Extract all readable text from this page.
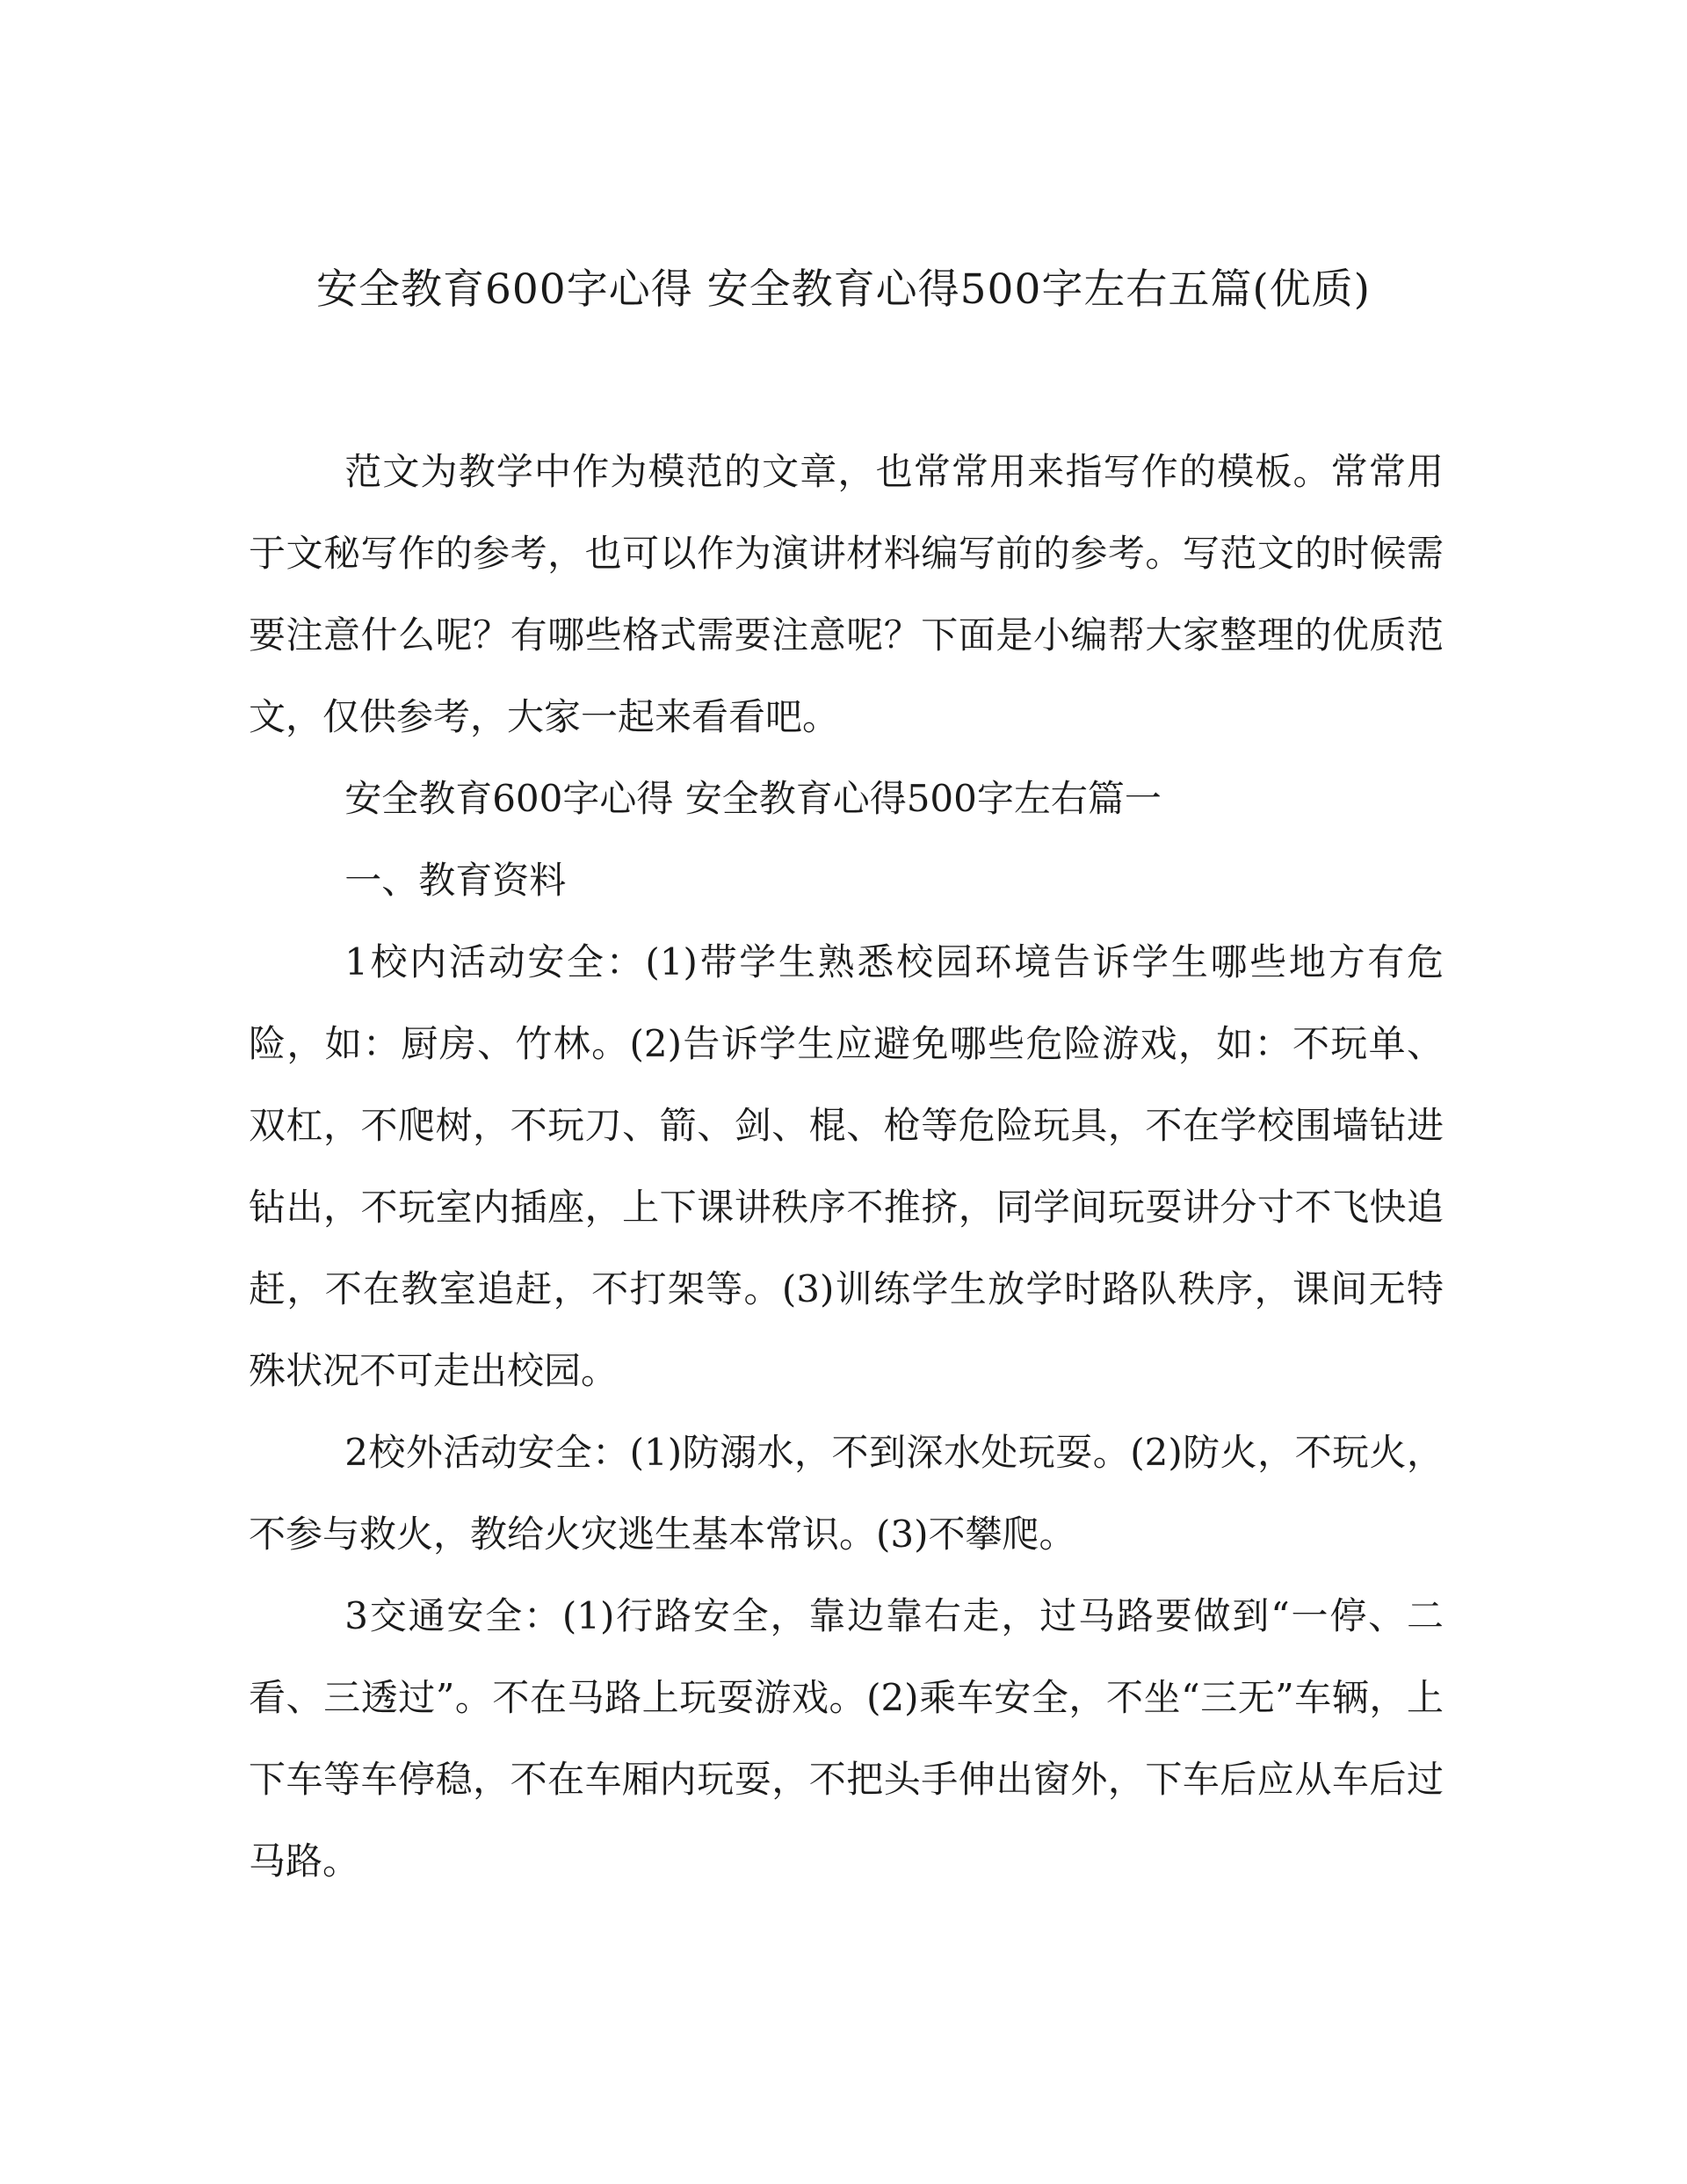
安全教育600字心得 安全教育心得500字左右五篇(优质)

范文为教学中作为模范的文章，也常常用来指写作的模板。常常用于文秘写作的参考，也可以作为演讲材料编写前的参考。写范文的时候需要注意什么呢？有哪些格式需要注意呢？下面是小编帮大家整理的优质范文，仅供参考，大家一起来看看吧。

安全教育600字心得 安全教育心得500字左右篇一

一、教育资料

1校内活动安全：(1)带学生熟悉校园环境告诉学生哪些地方有危险，如：厨房、竹林。(2)告诉学生应避免哪些危险游戏，如：不玩单、双杠，不爬树，不玩刀、箭、剑、棍、枪等危险玩具，不在学校围墙钻进钻出，不玩室内插座，上下课讲秩序不推挤，同学间玩耍讲分寸不飞快追赶，不在教室追赶，不打架等。(3)训练学生放学时路队秩序，课间无特殊状况不可走出校园。

2校外活动安全：(1)防溺水，不到深水处玩耍。(2)防火，不玩火，不参与救火，教给火灾逃生基本常识。(3)不攀爬。

3交通安全：(1)行路安全，靠边靠右走，过马路要做到“一停、二看、三透过”。不在马路上玩耍游戏。(2)乘车安全，不坐“三无”车辆，上下车等车停稳，不在车厢内玩耍，不把头手伸出窗外，下车后应从车后过马路。
